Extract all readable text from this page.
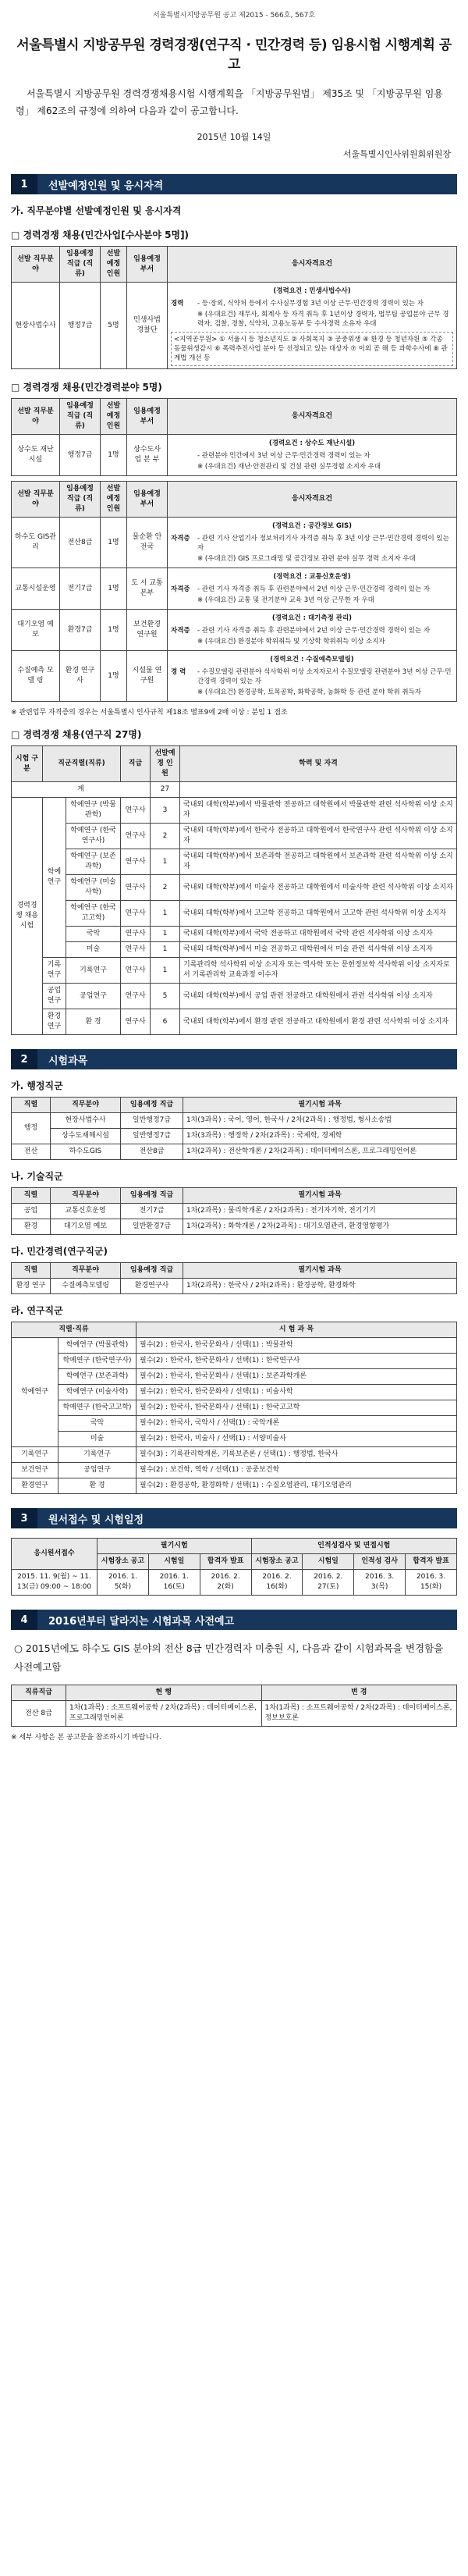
서울특별시지방공무원 공고 제2015 - 566호, 567호
서울특별시 지방공무원 경력경쟁(연구직 · 민간경력 등) 임용시험 시행계획 공고
서울특별시 지방공무원 경력경쟁채용시험 시행계획을 「지방공무원법」 제35조 및 「지방공무원 임용령」 제62조의 규정에 의하여 다음과 같이 공고합니다.
2015년 10월 14일
서울특별시인사위원회위원장
1	선발예정인원 및 응시자격
가. 직무분야별 선발예정인원 및 응시자격
□ 경력경쟁 채용(민간사업[수사분야 5명])
선발 직무분야	임용예정 직급 (직류)	선발 예정 인원	임용예정 부서	응시자격요건
현장사법수사	행정7급	5명	민생사법 경찰단	(경력요건 : 민생사법수사)
경력 - 등·장외, 식약처 등에서 수사실무경험 3년 이상 근무·민간경력 경력이 있는 자
※ (우대요건) 재무사, 회계사 등 자격 취득 후 1년이상 경력자, 법무팀 공업분야 근무 경력자, 검찰, 경찰, 식약처, 고용노동부 등 수사경력 소유자 우대
<지역공무원> ① 서울시 등 청소년지도 ② 사회복지 ③ 공중위생 ④ 환경 등 청년자원 ⑤ 각종 동물위생감시 ⑥ 폭력추진사업 분야 등 선정되고 있는 대상자 ⑦ 이외 공 해 등 과학수사에 ⑧ 관계법 개선 등
□ 경력경쟁 채용(민간경력분야 5명)
선발 직무분야	임용예정 직급 (직류)	선발 예정 인원	임용예정 부서	응시자격요건
상수도 재난시설	행정7급	1명	상수도사업 본 부	(경력요건 : 상수도 재난시설)
- 관련분야 민간에서 3년 이상 근무·민간경력 경력이 있는 자
※ (우대요건) 재난·안전관리 및 건설 관련 실무경험 소지자 우대
선발 직무분야	임용예정 직급 (직류)	선발 예정 인원	임용예정 부서	응시자격요건
하수도 GIS관리	전산8급	1명	물순환 안전국	(경력요건 : 공간정보 GIS)
자격증 - 관련 기사 산업기사 정보처리기사 자격증 취득 후 3년 이상 근무·민간경력 경력이 있는 자
※ (우대요건) GIS 프로그래밍 및 공간정보 관련 분야 실무 경력 소지자 우대

교통시설운영	전기7급	1명	도 시 교통본부	(경력요건 : 교통신호운영)
자격증 - 관련 기사 자격증 취득 후 관련분야에서 2년 이상 근무·민간경력 경력이 있는 자
※ (우대요건) 교통 및 전기분야 교육 3년 이상 근무한 자 우대

대기오염 예보	환경7급	1명	보건환경 연구원	(경력요건 : 대기측정 관리)
자격증 - 관련 기사 자격증 취득 후 관련분야에서 2년 이상 근무·민간경력 경력이 있는 자
※ (우대요건) 환경분야 학위취득 및 기상학 학위취득 이상 소지자

수질예측 모 델 링	환경 연구사	1명	시설물 연구원	(경력요건 : 수질예측모델링)
경 력 - 수질모델링 관련분야 석사학위 이상 소지자로서 수질모델링 관련분야 3년 이상 근무·민간경력 경력이 있는 자
※ (우대요건) 환경공학, 토목공학, 화학공학, 농화학 등 관련 분야 학위 취득자
※ 관련업무 자격증의 경우는 서울특별시 인사규칙 제18조 별표9에 2배 이상 : 분임 1 점조
□ 경력경쟁 채용(연구직 27명)
시험 구분	직군직렬(직류)		직급	선발예정 인원	학력 및 자격
계				27	
경력경쟁 채용 시험	학예 연구	학예연구 (박물관학)	연구사	3	국내외 대학(학부)에서 박물관학 전공하고 대학원에서 박물관학 관련 석사학위 이상 소지자
		학예연구 (한국연구사)	연구사	2	국내외 대학(학부)에서 한국사 전공하고 대학원에서 한국연구사 관련 석사학위 이상 소지자
		학예연구 (보존과학)	연구사	1	국내외 대학(학부)에서 보존과학 전공하고 대학원에서 보존과학 관련 석사학위 이상 소지자
		학예연구 (미술사학)	연구사	2	국내외 대학(학부)에서 미술사 전공하고 대학원에서 미술사학 관련 석사학위 이상 소지자
		학예연구 (한국고고학)	연구사	1	국내외 대학(학부)에서 고고학 전공하고 대학원에서 고고학 관련 석사학위 이상 소지자
		국악	연구사	1	국내외 대학(학부)에서 국악 전공하고 대학원에서 국악 관련 석사학위 이상 소지자
		미술	연구사	1	국내외 대학(학부)에서 미술 전공하고 대학원에서 미술 관련 석사학위 이상 소지자
	기록 연구	기록연구	연구사	1	기록관리학 석사학위 이상 소지자 또는 역사학 또는 문헌정보학 석사학위 이상 소지자로서 기록관리학 교육과정 이수자
	공업 연구	공업연구	연구사	5	국내외 대학(학부)에서 공업 관련 전공하고 대학원에서 관련 석사학위 이상 소지자
	환경 연구	환 경	연구사	6	국내외 대학(학부)에서 환경 관련 전공하고 대학원에서 환경 관련 석사학위 이상 소지자
2	시험과목
가. 행정직군
직렬	직무분야	임용예정 직급	필기시험 과목
행정	현장사법수사	일반행정7급	1차(3과목) : 국어, 영어, 한국사 / 2차(2과목) : 행정법, 형사소송법
	상수도재해시설	일반행정7급	1차(3과목) : 행정학 / 2차(2과목) : 국제학, 경제학
전산	하수도GIS	전산8급	1차(2과목) : 전산학개론 / 2차(2과목) : 데이터베이스론, 프로그래밍언어론
나. 기술직군
직렬	직무분야	임용예정 직급	필기시험 과목
공업	교통신호운영	전기7급	1차(2과목) : 물리학개론 / 2차(2과목) : 전기자기학, 전기기기
환경	대기오염 예보	일반환경7급	1차(2과목) : 화학개론 / 2차(2과목) : 대기오염관리, 환경영향평가
다. 민간경력(연구직군)
직렬	직무분야	임용예정 직급	필기시험 과목
환경 연구	수질예측모델링	환경연구사	1차(2과목) : 한국사 / 2차(2과목) : 환경공학, 환경화학
라. 연구직군
직렬·직류		시 험 과 목
학예연구	학예연구 (박물관학)	필수(2) : 한국사, 한국문화사 / 선택(1) : 박물관학
	학예연구 (한국연구사)	필수(2) : 한국사, 한국문화사 / 선택(1) : 한국연구사
	학예연구 (보존과학)	필수(2) : 한국사, 한국문화사 / 선택(1) : 보존과학개론
	학예연구 (미술사학)	필수(2) : 한국사, 한국문화사 / 선택(1) : 미술사학
	학예연구 (한국고고학)	필수(2) : 한국사, 한국문화사 / 선택(1) : 한국고고학
	국악	필수(2) : 한국사, 국악사 / 선택(1) : 국악개론
	미술	필수(2) : 한국사, 미술사 / 선택(1) : 서양미술사
기록연구	기록연구	필수(3) : 기록관리학개론, 기록보존론 / 선택(1) : 행정법, 한국사
보건연구	공업연구	필수(2) : 보건학, 역학 / 선택(1) : 공중보건학
환경연구	환 경	필수(2) : 환경공학, 환경화학 / 선택(1) : 수질오염관리, 대기오염관리
3	원서접수 및 시험일정
응시원서접수	필기시험			인적성검사 및 면접시험			
	시험장소 공고	시험일	합격자 발표	시험장소 공고	시험일	인적성 검사	합격자 발표
2015. 11. 9(월) ~ 11. 13(금) 09:00 ~ 18:00	2016. 1. 5(화)	2016. 1. 16(토)	2016. 2. 2(화)	2016. 2. 16(화)	2016. 2. 27(토)	2016. 3. 3(목)	2016. 3. 15(화)
4	2016년부터 달라지는 시험과목 사전예고
○ 2015년에도 하수도 GIS 분야의 전산 8급 민간경력자 미충원 시, 다음과 같이 시험과목을 변경함을 사전예고함
직류직급	현 행	변 경
전산 8급	1차(1과목) : 소프트웨어공학 / 2차(2과목) : 데이터베이스론, 프로그래밍언어론	1차(1과목) : 소프트웨어공학 / 2차(2과목) : 데이터베이스론, 정보보호론
※ 세부 사항은 본 공고문을 참조하시기 바랍니다.
